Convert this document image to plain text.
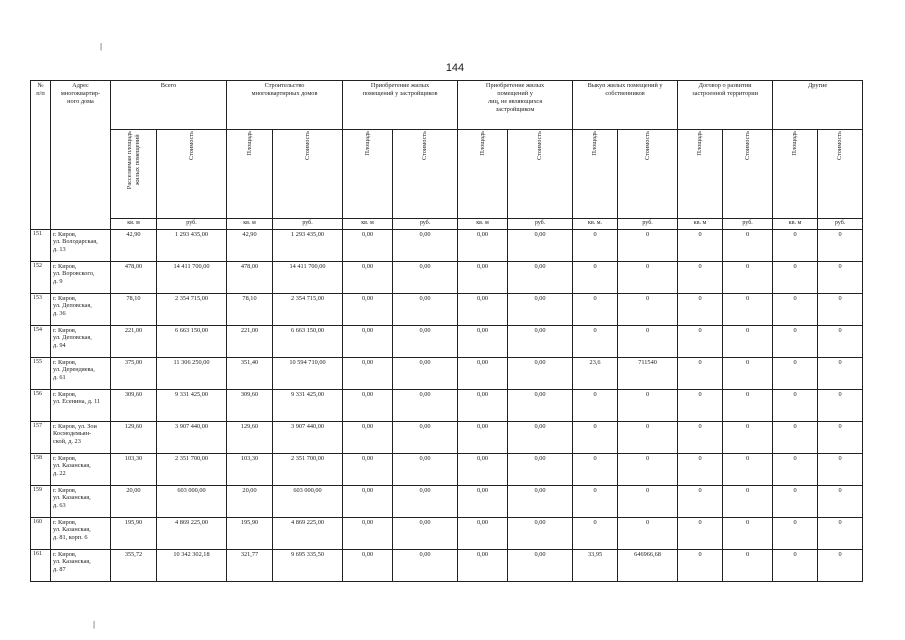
144
|
|
№
п/п	Адрес
многоквартир-
ного дома	Всего		Строительство
многоквартирных домов		Приобретение жилых
помещений у застройщиков		Приобретение жилых
помещений у
лиц, не являющихся
застройщиком		Выкуп жилых помещений у
собственников		Договор о развитии
застроенной территории		Другие	
		Расселяемая площадь
жилых помещений	Стоимость	Площадь	Стоимость	Площадь	Стоимость	Площадь	Стоимость	Площадь	Стоимость	Площадь	Стоимость	Площадь	Стоимость
		кв. м	руб.	кв. м	руб.	кв. м	руб.	кв. м	руб.	кв. м.	руб.	кв. м	руб.	кв. м	руб.
151	г. Киров,
ул. Володарская,
д. 13	42,90	1 293 435,00	42,90	1 293 435,00	0,00	0,00	0,00	0,00	0	0	0	0	0	0
152	г. Киров,
ул. Воровского,
д. 9	478,00	14 411 700,00	478,00	14 411 700,00	0,00	0,00	0,00	0,00	0	0	0	0	0	0
153	г. Киров,
ул. Деповская,
д. 36	78,10	2 354 715,00	78,10	2 354 715,00	0,00	0,00	0,00	0,00	0	0	0	0	0	0
154	г. Киров,
ул. Деповская,
д. 94	221,00	6 663 150,00	221,00	6 663 150,00	0,00	0,00	0,00	0,00	0	0	0	0	0	0
155	г. Киров,
ул. Дерендяева,
д. 61	375,00	11 306 250,00	351,40	10 594 710,00	0,00	0,00	0,00	0,00	23,6	711540	0	0	0	0
156	г. Киров,
ул. Есенина, д. 11	309,60	9 331 425,00	309,60	9 331 425,00	0,00	0,00	0,00	0,00	0	0	0	0	0	0
157	г. Киров, ул. Зои
Космодемьян-
ской, д. 23	129,60	3 907 440,00	129,60	3 907 440,00	0,00	0,00	0,00	0,00	0	0	0	0	0	0
158	г. Киров,
ул. Казанская,
д. 22	103,30	2 351 700,00	103,30	2 351 700,00	0,00	0,00	0,00	0,00	0	0	0	0	0	0
159	г. Киров,
ул. Казанская,
д. 63	20,00	603 000,00	20,00	603 000,00	0,00	0,00	0,00	0,00	0	0	0	0	0	0
160	г. Киров,
ул. Казанская,
д. 81, корп. 6	195,90	4 869 225,00	195,90	4 869 225,00	0,00	0,00	0,00	0,00	0	0	0	0	0	0
161	г. Киров,
ул. Казанская,
д. 87	355,72	10 342 302,18	321,77	9 695 335,50	0,00	0,00	0,00	0,00	33,95	646966,68	0	0	0	0
